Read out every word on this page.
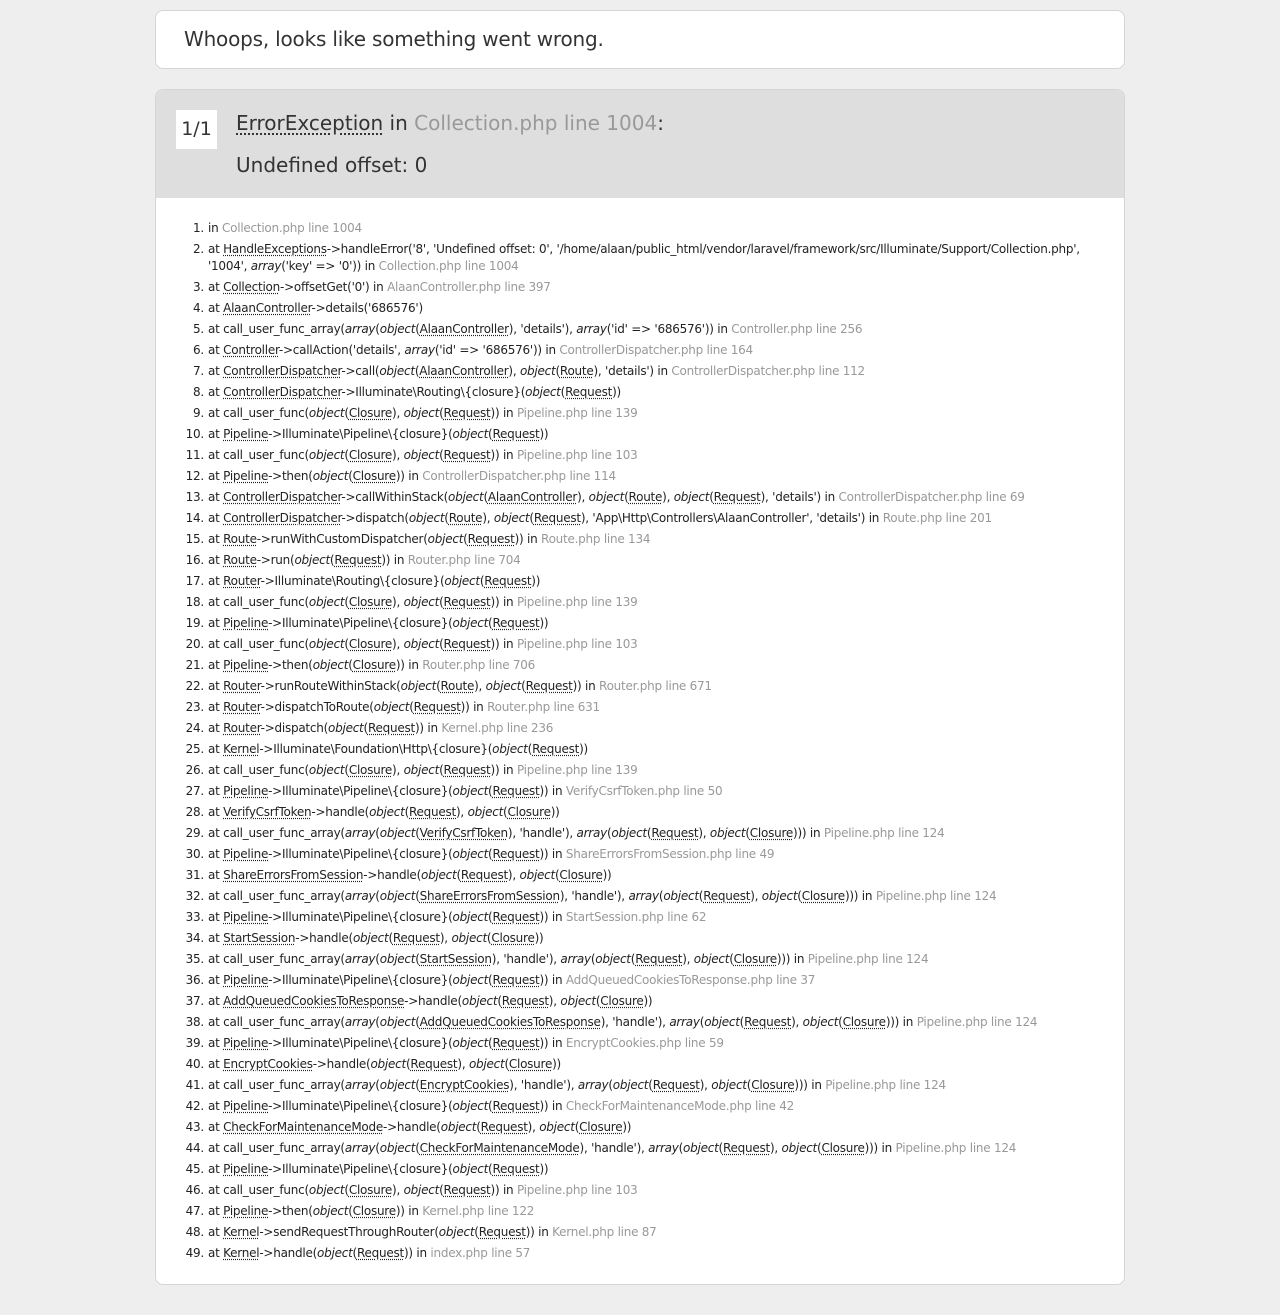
Whoops, looks like something went wrong.
1/1 ErrorException in Collection.php line 1004:
Undefined offset: 0
1. in Collection.php line 1004
2. at HandleExceptions->handleError('8', 'Undefined offset: 0', '/home/alaan/public_html/vendor/laravel/framework/src/Illuminate/Support/Collection.php', '1004', array('key' => '0')) in Collection.php line 1004
3. at Collection->offsetGet('0') in AlaanController.php line 397
4. at AlaanController->details('686576')
5. at call_user_func_array(array(object(AlaanController), 'details'), array('id' => '686576')) in Controller.php line 256
6. at Controller->callAction('details', array('id' => '686576')) in ControllerDispatcher.php line 164
7. at ControllerDispatcher->call(object(AlaanController), object(Route), 'details') in ControllerDispatcher.php line 112
8. at ControllerDispatcher->Illuminate\Routing\{closure}(object(Request))
9. at call_user_func(object(Closure), object(Request)) in Pipeline.php line 139
10. at Pipeline->Illuminate\Pipeline\{closure}(object(Request))
11. at call_user_func(object(Closure), object(Request)) in Pipeline.php line 103
12. at Pipeline->then(object(Closure)) in ControllerDispatcher.php line 114
13. at ControllerDispatcher->callWithinStack(object(AlaanController), object(Route), object(Request), 'details') in ControllerDispatcher.php line 69
14. at ControllerDispatcher->dispatch(object(Route), object(Request), 'App\Http\Controllers\AlaanController', 'details') in Route.php line 201
15. at Route->runWithCustomDispatcher(object(Request)) in Route.php line 134
16. at Route->run(object(Request)) in Router.php line 704
17. at Router->Illuminate\Routing\{closure}(object(Request))
18. at call_user_func(object(Closure), object(Request)) in Pipeline.php line 139
19. at Pipeline->Illuminate\Pipeline\{closure}(object(Request))
20. at call_user_func(object(Closure), object(Request)) in Pipeline.php line 103
21. at Pipeline->then(object(Closure)) in Router.php line 706
22. at Router->runRouteWithinStack(object(Route), object(Request)) in Router.php line 671
23. at Router->dispatchToRoute(object(Request)) in Router.php line 631
24. at Router->dispatch(object(Request)) in Kernel.php line 236
25. at Kernel->Illuminate\Foundation\Http\{closure}(object(Request))
26. at call_user_func(object(Closure), object(Request)) in Pipeline.php line 139
27. at Pipeline->Illuminate\Pipeline\{closure}(object(Request)) in VerifyCsrfToken.php line 50
28. at VerifyCsrfToken->handle(object(Request), object(Closure))
29. at call_user_func_array(array(object(VerifyCsrfToken), 'handle'), array(object(Request), object(Closure))) in Pipeline.php line 124
30. at Pipeline->Illuminate\Pipeline\{closure}(object(Request)) in ShareErrorsFromSession.php line 49
31. at ShareErrorsFromSession->handle(object(Request), object(Closure))
32. at call_user_func_array(array(object(ShareErrorsFromSession), 'handle'), array(object(Request), object(Closure))) in Pipeline.php line 124
33. at Pipeline->Illuminate\Pipeline\{closure}(object(Request)) in StartSession.php line 62
34. at StartSession->handle(object(Request), object(Closure))
35. at call_user_func_array(array(object(StartSession), 'handle'), array(object(Request), object(Closure))) in Pipeline.php line 124
36. at Pipeline->Illuminate\Pipeline\{closure}(object(Request)) in AddQueuedCookiesToResponse.php line 37
37. at AddQueuedCookiesToResponse->handle(object(Request), object(Closure))
38. at call_user_func_array(array(object(AddQueuedCookiesToResponse), 'handle'), array(object(Request), object(Closure))) in Pipeline.php line 124
39. at Pipeline->Illuminate\Pipeline\{closure}(object(Request)) in EncryptCookies.php line 59
40. at EncryptCookies->handle(object(Request), object(Closure))
41. at call_user_func_array(array(object(EncryptCookies), 'handle'), array(object(Request), object(Closure))) in Pipeline.php line 124
42. at Pipeline->Illuminate\Pipeline\{closure}(object(Request)) in CheckForMaintenanceMode.php line 42
43. at CheckForMaintenanceMode->handle(object(Request), object(Closure))
44. at call_user_func_array(array(object(CheckForMaintenanceMode), 'handle'), array(object(Request), object(Closure))) in Pipeline.php line 124
45. at Pipeline->Illuminate\Pipeline\{closure}(object(Request))
46. at call_user_func(object(Closure), object(Request)) in Pipeline.php line 103
47. at Pipeline->then(object(Closure)) in Kernel.php line 122
48. at Kernel->sendRequestThroughRouter(object(Request)) in Kernel.php line 87
49. at Kernel->handle(object(Request)) in index.php line 57
